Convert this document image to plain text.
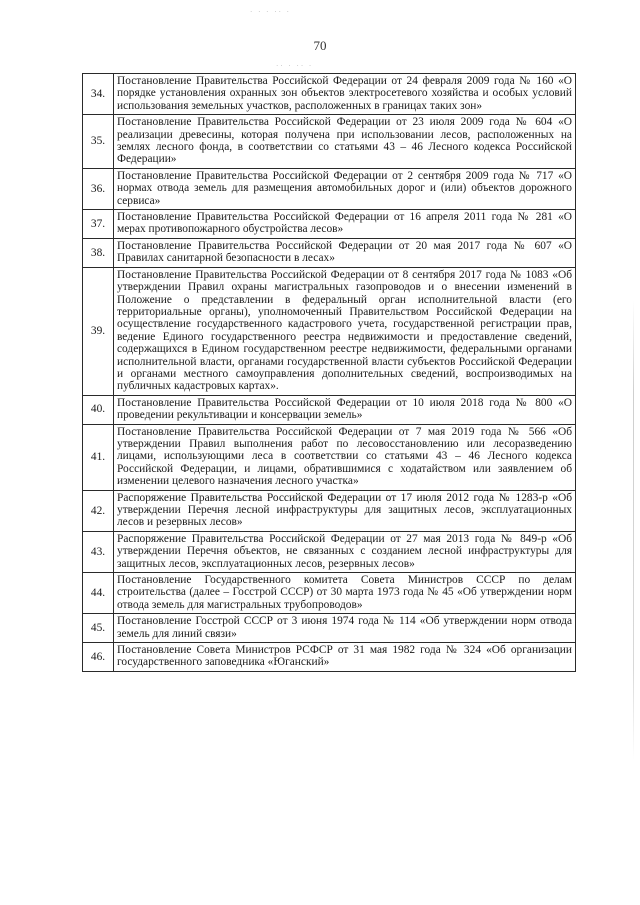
70
· · · ·· ·
·· · ·· ·
34.	Постановление Правительства Российской Федерации от 24 февраля 2009 года № 160 «О порядке установления охранных зон объектов электросетевого хозяйства и особых условий использования земельных участков, расположенных в границах таких зон»
35.	Постановление Правительства Российской Федерации от 23 июля 2009 года № 604 «О реализации древесины, которая получена при использовании лесов, расположенных на землях лесного фонда, в соответствии со статьями 43 – 46 Лесного кодекса Российской Федерации»
36.	Постановление Правительства Российской Федерации от 2 сентября 2009 года № 717 «О нормах отвода земель для размещения автомобильных дорог и (или) объектов дорожного сервиса»
37.	Постановление Правительства Российской Федерации от 16 апреля 2011 года № 281 «О мерах противопожарного обустройства лесов»
38.	Постановление Правительства Российской Федерации от 20 мая 2017 года № 607 «О Правилах санитарной безопасности в лесах»
39.	Постановление Правительства Российской Федерации от 8 сентября 2017 года № 1083 «Об утверждении Правил охраны магистральных газопроводов и о внесении изменений в Положение о представлении в федеральный орган исполнительной власти (его территориальные органы), уполномоченный Правительством Российской Федерации на осуществление государственного кадастрового учета, государственной регистрации прав, ведение Единого государственного реестра недвижимости и предоставление сведений, содержащихся в Едином государственном реестре недвижимости, федеральными органами исполнительной власти, органами государственной власти субъектов Российской Федерации и органами местного самоуправления дополнительных сведений, воспроизводимых на публичных кадастровых картах».
40.	Постановление Правительства Российской Федерации от 10 июля 2018 года № 800 «О проведении рекультивации и консервации земель»
41.	Постановление Правительства Российской Федерации от 7 мая 2019 года № 566 «Об утверждении Правил выполнения работ по лесовосстановлению или лесоразведению лицами, использующими леса в соответствии со статьями 43 – 46 Лесного кодекса Российской Федерации, и лицами, обратившимися с ходатайством или заявлением об изменении целевого назначения лесного участка»
42.	Распоряжение Правительства Российской Федерации от 17 июля 2012 года № 1283-р «Об утверждении Перечня лесной инфраструктуры для защитных лесов, эксплуатационных лесов и резервных лесов»
43.	Распоряжение Правительства Российской Федерации от 27 мая 2013 года № 849-р «Об утверждении Перечня объектов, не связанных с созданием лесной инфраструктуры для защитных лесов, эксплуатационных лесов, резервных лесов»
44.	Постановление Государственного комитета Совета Министров СССР по делам строительства (далее – Госстрой СССР) от 30 марта 1973 года № 45 «Об утверждении норм отвода земель для магистральных трубопроводов»
45.	Постановление Госстрой СССР от 3 июня 1974 года № 114 «Об утверждении норм отвода земель для линий связи»
46.	Постановление Совета Министров РСФСР от 31 мая 1982 года № 324 «Об организации государственного заповедника «Юганский»
